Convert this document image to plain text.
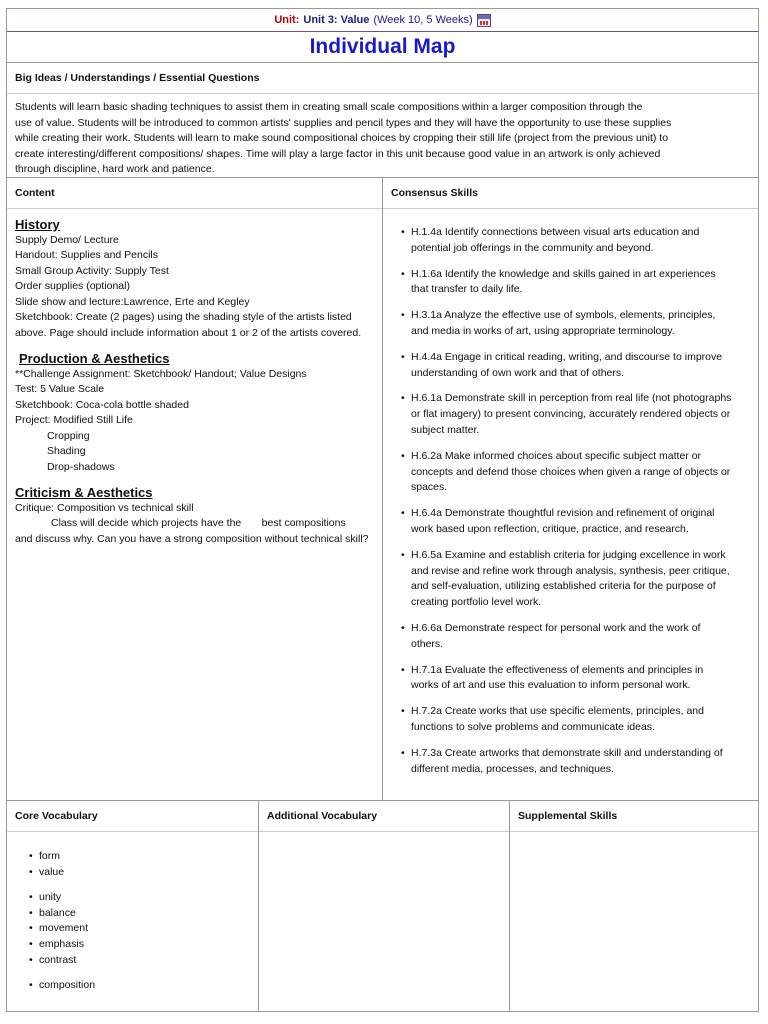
Unit: Unit 3: Value (Week 10, 5 Weeks)
Individual Map
Big Ideas / Understandings / Essential Questions
Students will learn basic shading techniques to assist them in creating small scale compositions within a larger composition through the
use of value. Students will be introduced to common artists' supplies and pencil types and they will have the opportunity to use these supplies
while creating their work. Students will learn to make sound compositional choices by cropping their still life (project from the previous unit) to
create interesting/different compositions/ shapes. Time will play a large factor in this unit because good value in an artwork is only achieved
through discipline, hard work and patience.
Content
History
Supply Demo/ Lecture
Handout: Supplies and Pencils
Small Group Activity: Supply Test
Order supplies (optional)
Slide show and lecture:Lawrence, Erte and Kegley
Sketchbook: Create (2 pages) using the shading style of the artists listed
above. Page should include information about 1 or 2 of the artists covered.
Production & Aesthetics
**Challenge Assignment: Sketchbook/ Handout; Value Designs
Test: 5 Value Scale
Sketchbook: Coca-cola bottle shaded
Project: Modified Still Life
Cropping
Shading
Drop-shadows
Criticism & Aesthetics
Critique: Composition vs technical skill
Class will decide which projects have the       best compositions
and discuss why. Can you have a strong composition without technical skill?
Consensus Skills
• H.1.4a Identify connections between visual arts education and
potential job offerings in the community and beyond.
• H.1.6a Identify the knowledge and skills gained in art experiences
that transfer to daily life.
• H.3.1a Analyze the effective use of symbols, elements, principles,
and media in works of art, using appropriate terminology.
• H.4.4a Engage in critical reading, writing, and discourse to improve
understanding of own work and that of others.
• H.6.1a Demonstrate skill in perception from real life (not photographs
or flat imagery) to present convincing, accurately rendered objects or
subject matter.
• H.6.2a Make informed choices about specific subject matter or
concepts and defend those choices when given a range of objects or
spaces.
• H.6.4a Demonstrate thoughtful revision and refinement of original
work based upon reflection, critique, practice, and research.
• H.6.5a Examine and establish criteria for judging excellence in work
and revise and refine work through analysis, synthesis, peer critique,
and self-evaluation, utilizing established criteria for the purpose of
creating portfolio level work.
• H.6.6a Demonstrate respect for personal work and the work of
others.
• H.7.1a Evaluate the effectiveness of elements and principles in
works of art and use this evaluation to inform personal work.
• H.7.2a Create works that use specific elements, principles, and
functions to solve problems and communicate ideas.
• H.7.3a Create artworks that demonstrate skill and understanding of
different media, processes, and techniques.
Core Vocabulary
• form
• value
• unity
• balance
• movement
• emphasis
• contrast
• composition
Additional Vocabulary	Supplemental Skills
